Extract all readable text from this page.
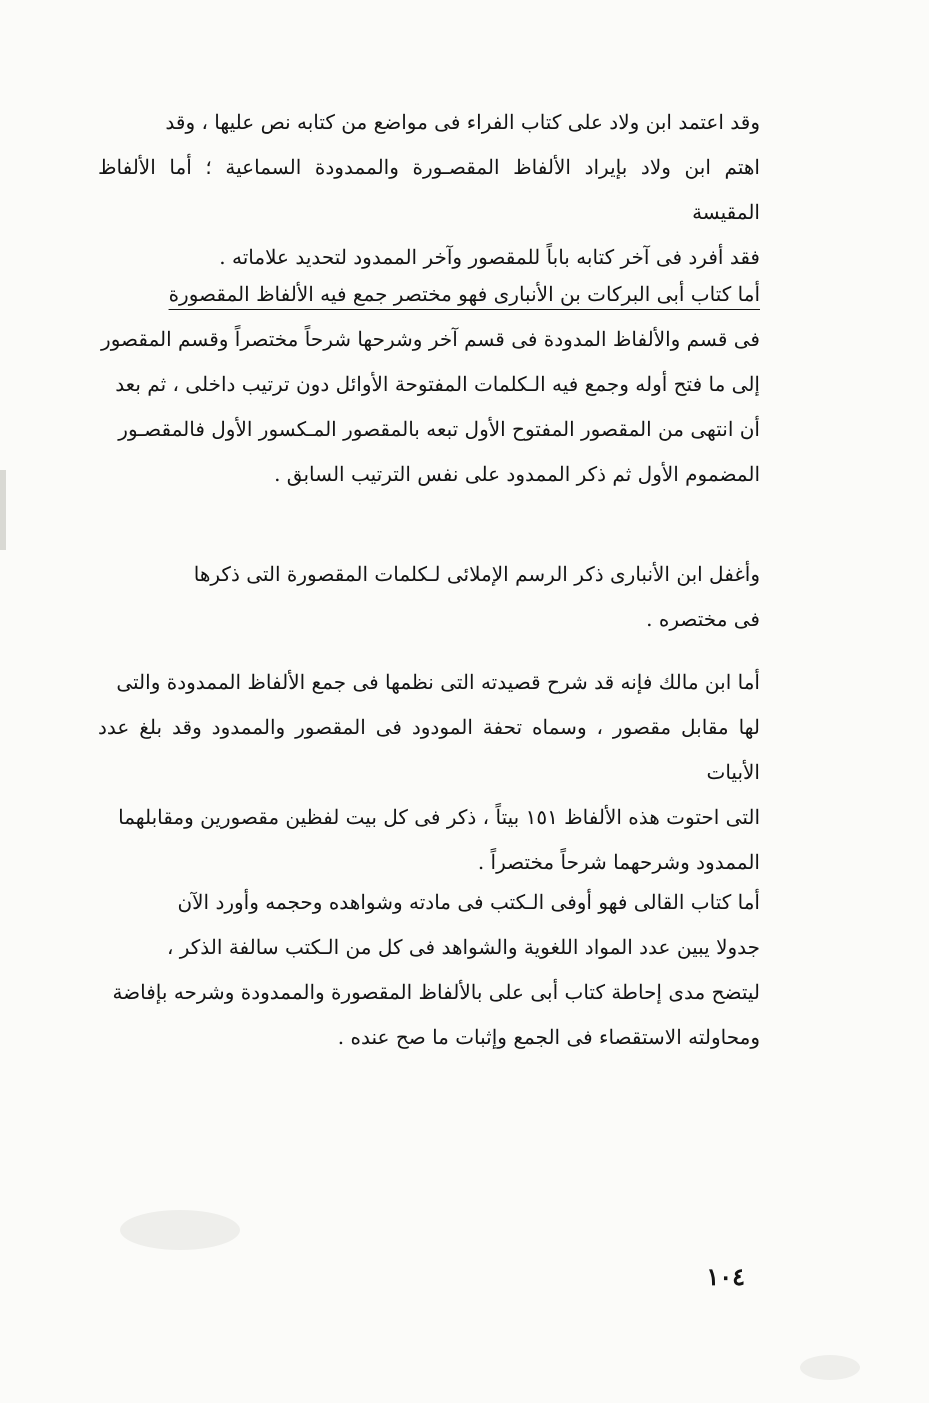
وقد اعتمد ابن ولاد على كتاب الفراء فى مواضع من كتابه نص عليها ، وقد
اهتم ابن ولاد بإيراد الألفاظ المقصـورة والممدودة السماعية ؛ أما الألفاظ المقيسة
فقد أفرد فى آخر كتابه باباً للمقصور وآخر الممدود لتحديد علاماته .
أما كتاب أبى البركات بن الأنبارى فهو مختصر جمع فيه الألفاظ المقصورة
فى قسم والألفاظ المدودة فى قسم آخر وشرحها شرحاً مختصراً وقسم المقصور
إلى ما فتح أوله وجمع فيه الـكلمات المفتوحة الأوائل دون ترتيب داخلى ، ثم بعد
أن انتهى من المقصور المفتوح الأول تبعه بالمقصور المـكسور الأول فالمقصـور
المضموم الأول ثم ذكر الممدود على نفس الترتيب السابق .
وأغفل ابن الأنبارى ذكر الرسم الإملائى لـكلمات المقصورة التى ذكرها
فى مختصره .
أما ابن مالك فإنه قد شرح قصيدته التى نظمها فى جمع الألفاظ الممدودة والتى
لها مقابل مقصور ، وسماه تحفة المودود فى المقصور والممدود وقد بلغ عدد الأبيات
التى احتوت هذه الألفاظ ١٥١ بيتاً ، ذكر فى كل بيت لفظين مقصورين ومقابلهما
الممدود وشرحهما شرحاً مختصراً .
أما كتاب القالى فهو أوفى الـكتب فى مادته وشواهده وحجمه وأورد الآن
جدولا يبين عدد المواد اللغوية والشواهد فى كل من الـكتب سالفة الذكر ،
ليتضح مدى إحاطة كتاب أبى على بالألفاظ المقصورة والممدودة وشرحه بإفاضة
ومحاولته الاستقصاء فى الجمع وإثبات ما صح عنده .
١٠٤
